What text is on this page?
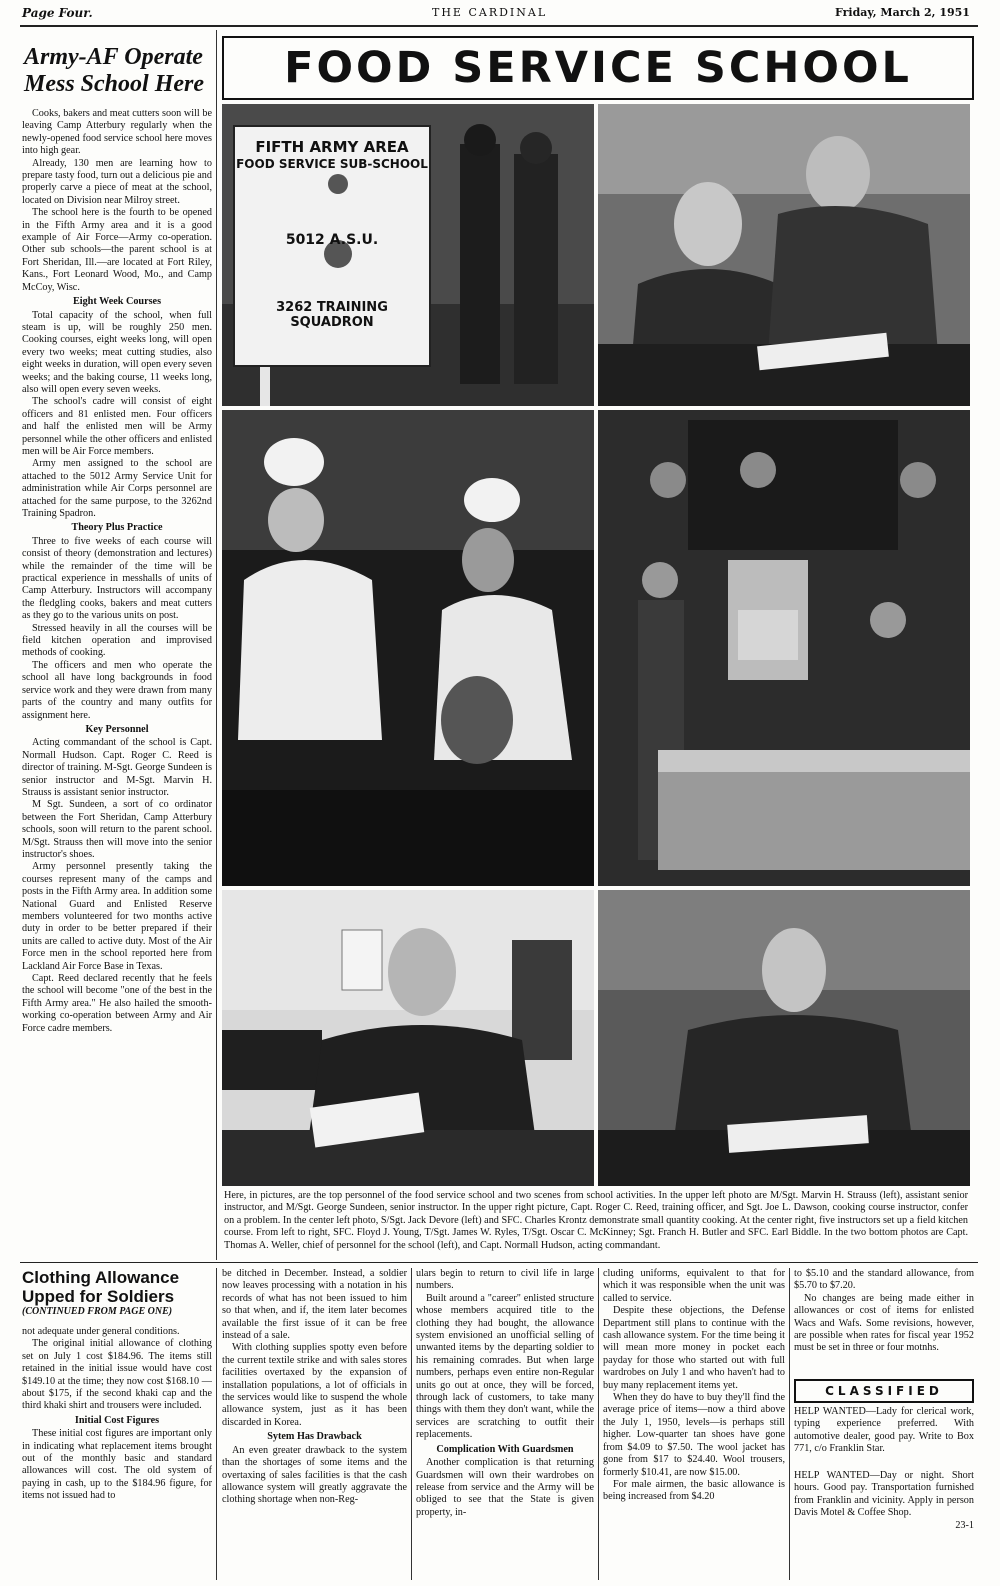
Page Four.	THE CARDINAL	Friday, March 2, 1951
Army-AF Operate
Mess School Here

Cooks, bakers and meat cutters soon will be leaving Camp Atterbury regularly when the newly-opened food service school here moves into high gear.

Already, 130 men are learning how to prepare tasty food, turn out a delicious pie and properly carve a piece of meat at the school, located on Division near Milroy street.

The school here is the fourth to be opened in the Fifth Army area and it is a good example of Air Force—Army co-operation. Other sub schools—the parent school is at Fort Sheridan, Ill.—are located at Fort Riley, Kans., Fort Leonard Wood, Mo., and Camp McCoy, Wisc.

Eight Week Courses

Total capacity of the school, when full steam is up, will be roughly 250 men. Cooking courses, eight weeks long, will open every two weeks; meat cutting studies, also eight weeks in duration, will open every seven weeks; and the baking course, 11 weeks long, also will open every seven weeks.

The school's cadre will consist of eight officers and 81 enlisted men. Four officers and half the enlisted men will be Army personnel while the other officers and enlisted men will be Air Force members.

Army men assigned to the school are attached to the 5012 Army Service Unit for administration while Air Corps personnel are attached for the same purpose, to the 3262nd Training Spadron.

Theory Plus Practice

Three to five weeks of each course will consist of theory (demonstration and lectures) while the remainder of the time will be practical experience in messhalls of units of Camp Atterbury. Instructors will accompany the fledgling cooks, bakers and meat cutters as they go to the various units on post.

Stressed heavily in all the courses will be field kitchen operation and improvised methods of cooking.

The officers and men who operate the school all have long backgrounds in food service work and they were drawn from many parts of the country and many outfits for assignment here.

Key Personnel

Acting commandant of the school is Capt. Normall Hudson. Capt. Roger C. Reed is director of training. M-Sgt. George Sundeen is senior instructor and M-Sgt. Marvin H. Strauss is assistant senior instructor.

M Sgt. Sundeen, a sort of co ordinator between the Fort Sheridan, Camp Atterbury schools, soon will return to the parent school. M/Sgt. Strauss then will move into the senior instructor's shoes.

Army personnel presently taking the courses represent many of the camps and posts in the Fifth Army area. In addition some National Guard and Enlisted Reserve members volunteered for two months active duty in order to be better prepared if their units are called to active duty. Most of the Air Force men in the school reported here from Lackland Air Force Base in Texas.

Capt. Reed declared recently that he feels the school will become "one of the best in the Fifth Army area." He also hailed the smooth-working co-operation between Army and Air Force cadre members.

FOOD SERVICE SCHOOL
FIFTH ARMY AREA
FOOD SERVICE SUB-SCHOOL
5012 A.S.U.
3262 TRAINING SQUADRON
Here, in pictures, are the top personnel of the food service school and two scenes from school activities. In the upper left photo are M/Sgt. Marvin H. Strauss (left), assistant senior instructor, and M/Sgt. George Sundeen, senior instructor. In the upper right picture, Capt. Roger C. Reed, training officer, and Sgt. Joe L. Dawson, cooking course instructor, confer on a problem. In the center left photo, S/Sgt. Jack Devore (left) and SFC. Charles Krontz demonstrate small quantity cooking. At the center right, five instructors set up a field kitchen course. From left to right, SFC. Floyd J. Young, T/Sgt. James W. Ryles, T/Sgt. Oscar C. McKinney; Sgt. Franch H. Butler and SFC. Earl Biddle. In the two bottom photos are Capt. Thomas A. Weller, chief of personnel for the school (left), and Capt. Normall Hudson, acting commandant.
Clothing Allowance
Upped for Soldiers
(CONTINUED FROM PAGE ONE)

not adequate under general conditions.

The original initial allowance of clothing set on July 1 cost $184.96. The items still retained in the initial issue would have cost $149.10 at the time; they now cost $168.10 —about $175, if the second khaki cap and the third khaki shirt and trousers were included.

Initial Cost Figures

These initial cost figures are important only in indicating what replacement items brought out of the monthly basic and standard allowances will cost. The old system of paying in cash, up to the $184.96 figure, for items not issued had to

be ditched in December. Instead, a soldier now leaves processing with a notation in his records of what has not been issued to him so that when, and if, the item later becomes available the first issue of it can be free instead of a sale.

With clothing supplies spotty even before the current textile strike and with sales stores facilities overtaxed by the expansion of installation populations, a lot of officials in the services would like to suspend the whole allowance system, just as it has been discarded in Korea.

Sytem Has Drawback

An even greater drawback to the system than the shortages of some items and the overtaxing of sales facilities is that the cash allowance system will greatly aggravate the clothing shortage when non-Reg-

ulars begin to return to civil life in large numbers.

Built around a "career" enlisted structure whose members acquired title to the clothing they had bought, the allowance system envisioned an unofficial selling of unwanted items by the departing soldier to his remaining comrades. But when large numbers, perhaps even entire non-Regular units go out at once, they will be forced, through lack of customers, to take many things with them they don't want, while the services are scratching to outfit their replacements.

Complication With Guardsmen

Another complication is that returning Guardsmen will own their wardrobes on release from service and the Army will be obliged to see that the State is given property, in-

cluding uniforms, equivalent to that for which it was responsible when the unit was called to service.

Despite these objections, the Defense Department still plans to continue with the cash allowance system. For the time being it will mean more money in pocket each payday for those who started out with full wardrobes on July 1 and who haven't had to buy many replacement items yet.

When they do have to buy they'll find the average price of items—now a third above the July 1, 1950, levels—is perhaps still higher. Low-quarter tan shoes have gone from $4.09 to $7.50. The wool jacket has gone from $17 to $24.40. Wool trousers, formerly $10.41, are now $15.00.

For male airmen, the basic allowance is being increased from $4.20

to $5.10 and the standard allowance, from $5.70 to $7.20.

No changes are being made either in allowances or cost of items for enlisted Wacs and Wafs. Some revisions, however, are possible when rates for fiscal year 1952 must be set in three or four motnhs.

CLASSIFIED

HELP WANTED—Lady for clerical work, typing experience preferred. With automotive dealer, good pay. Write to Box 771, c/o Franklin Star.

HELP WANTED—Day or night. Short hours. Good pay. Transportation furnished from Franklin and vicinity. Apply in person Davis Motel & Coffee Shop.

23-1
